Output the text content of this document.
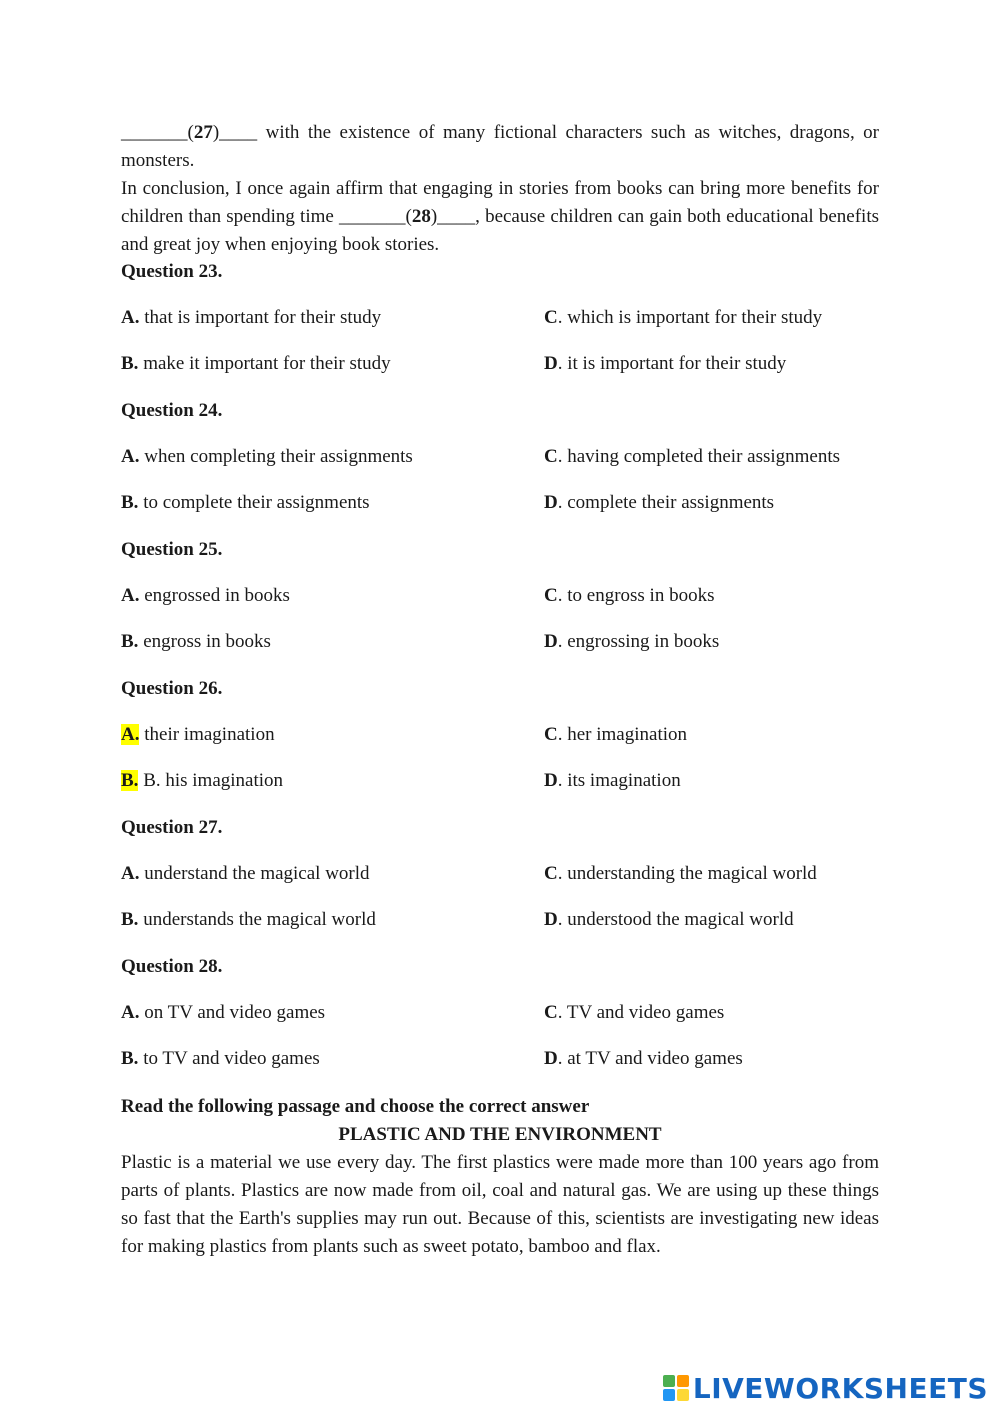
_______(27)____ with the existence of many fictional characters such as witches, dragons, or monsters.

In conclusion, I once again affirm that engaging in stories from books can bring more benefits for children than spending time _______(28)____, because children can gain both educational benefits and great joy when enjoying book stories.

Question 23.
A. that is important for their study	C. which is important for their study
B. make it important for their study	D. it is important for their study
Question 24.
A. when completing their assignments	C. having completed their assignments
B. to complete their assignments	D. complete their assignments
Question 25.
A. engrossed in books	C. to engross in books
B. engross in books	D. engrossing in books
Question 26.
A. their imagination	C. her imagination
B. B. his imagination	D. its imagination
Question 27.
A. understand the magical world	C. understanding the magical world
B. understands the magical world	D. understood the magical world
Question 28.
A. on TV and video games	C. TV and video games
B. to TV and video games	D. at TV and video games
Read the following passage and choose the correct answer
PLASTIC AND THE ENVIRONMENT

Plastic is a material we use every day. The first plastics were made more than 100 years ago from parts of plants. Plastics are now made from oil, coal and natural gas. We are using up these things so fast that the Earth's supplies may run out. Because of this, scientists are investigating new ideas for making plastics from plants such as sweet potato, bamboo and flax.

LIVEWORKSHEETS
